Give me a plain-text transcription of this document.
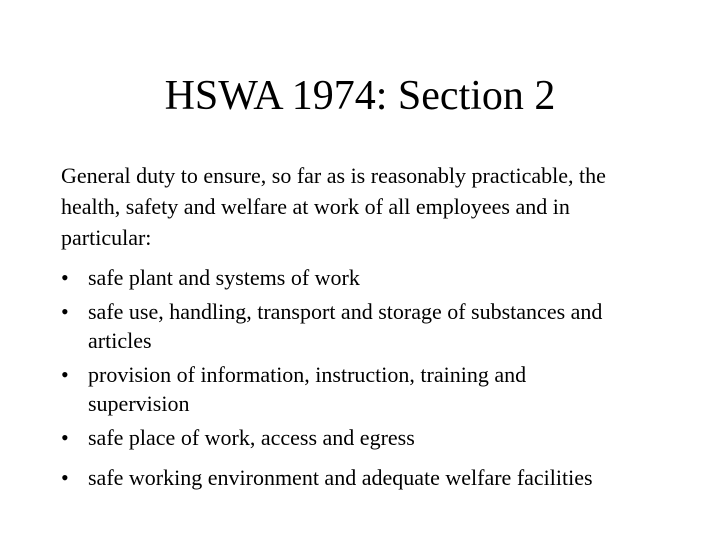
HSWA 1974: Section 2

General duty to ensure, so far as is reasonably practicable, the
health, safety and welfare at work of all employees and in
particular:

• safe plant and systems of work
• safe use, handling, transport and storage of substances and
articles
• provision of information, instruction, training and
supervision
• safe place of work, access and egress
• safe working environment and adequate welfare facilities
